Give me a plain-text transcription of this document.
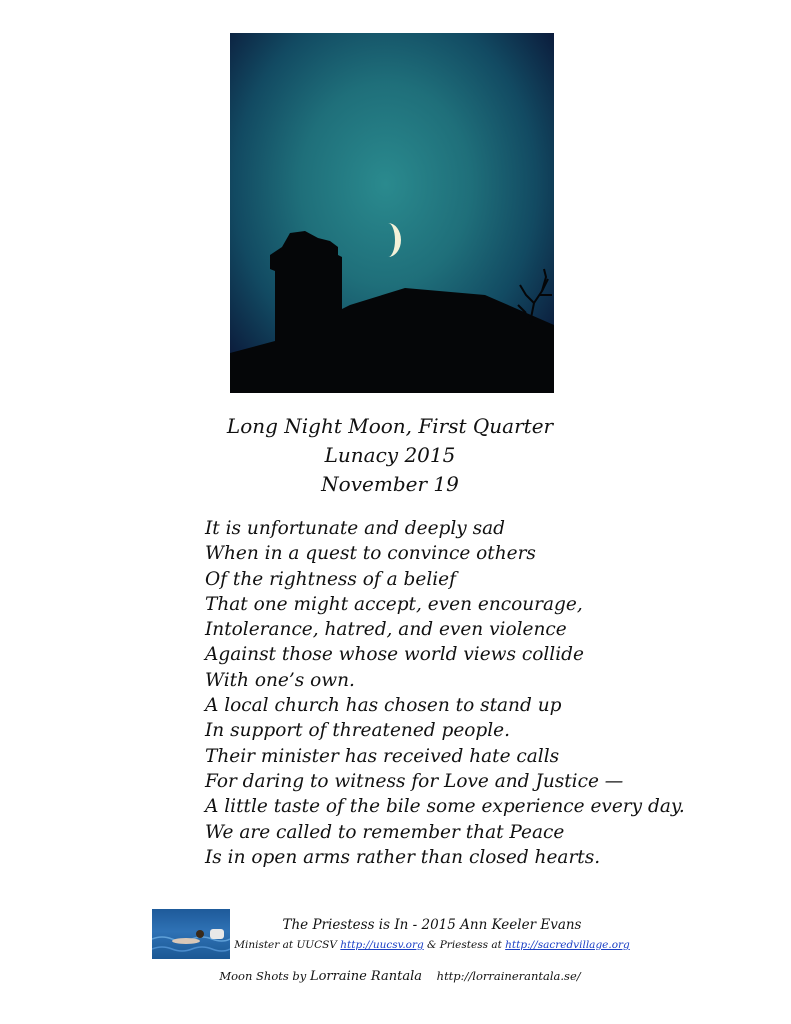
Long Night Moon, First Quarter
Lunacy 2015
November 19
It is unfortunate and deeply sad
When in a quest to convince others
Of the rightness of a belief
That one might accept, even encourage,
Intolerance, hatred, and even violence
Against those whose world views collide
With one’s own.
A local church has chosen to stand up
In support of threatened people.
Their minister has received hate calls
For daring to witness for Love and Justice —
A little taste of the bile some experience every day.
We are called to remember that Peace
Is in open arms rather than closed hearts.
The Priestess is In - 2015 Ann Keeler Evans
Minister at UUCSV http://uucsv.org & Priestess at http://sacredvillage.org
Moon Shots by Lorraine Rantala http://lorrainerantala.se/
